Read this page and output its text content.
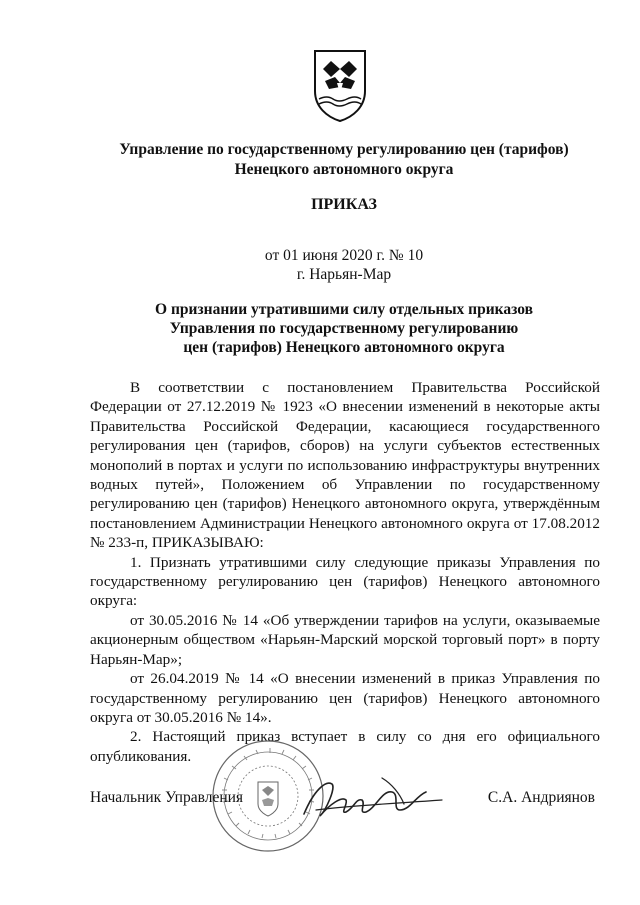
Управление по государственному регулированию цен (тарифов)
Ненецкого автономного округа
ПРИКАЗ
от 01 июня 2020 г. № 10
г. Нарьян-Мар
О признании утратившими силу отдельных приказов
Управления по государственному регулированию
цен (тарифов) Ненецкого автономного округа

В соответствии с постановлением Правительства Российской Федерации от 27.12.2019 № 1923 «О внесении изменений в некоторые акты Правительства Российской Федерации, касающиеся государственного регулирования цен (тарифов, сборов) на услуги субъектов естественных монополий в портах и услуги по использованию инфраструктуры внутренних водных путей», Положением об Управлении по государственному регулированию цен (тарифов) Ненецкого автономного округа, утверждённым постановлением Администрации Ненецкого автономного округа от 17.08.2012 № 233-п, ПРИКАЗЫВАЮ:

1. Признать утратившими силу следующие приказы Управления по государственному регулированию цен (тарифов) Ненецкого автономного округа:

от 30.05.2016 № 14 «Об утверждении тарифов на услуги, оказываемые акционерным обществом «Нарьян-Марский морской торговый порт» в порту Нарьян-Мар»;

от 26.04.2019 № 14 «О внесении изменений в приказ Управления по государственному регулированию цен (тарифов) Ненецкого автономного округа от 30.05.2016 № 14».

2. Настоящий приказ вступает в силу со дня его официального опубликования.

Начальник Управления	С.А. Андриянов
